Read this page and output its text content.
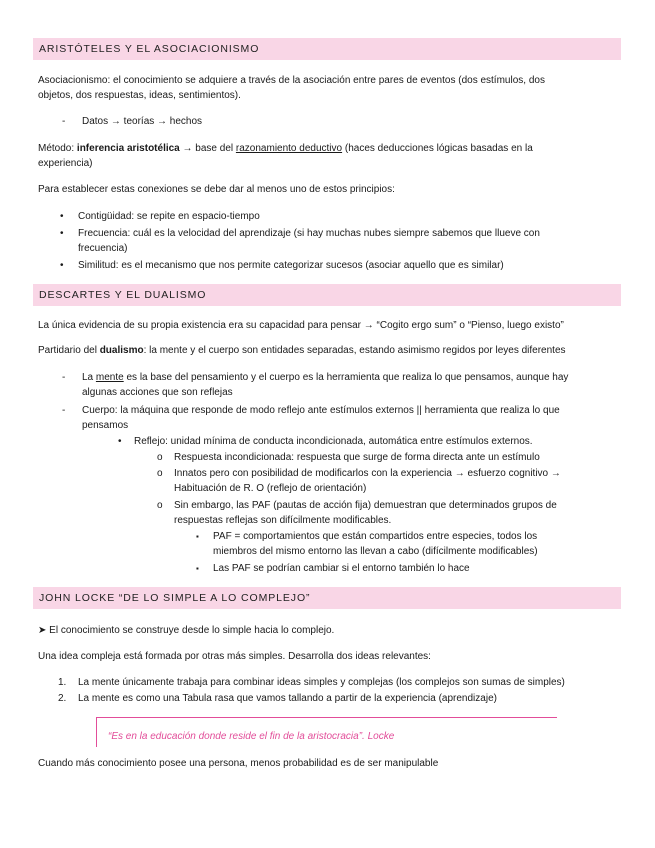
ARISTÓTELES Y EL ASOCIACIONISMO
Asociacionismo: el conocimiento se adquiere a través de la asociación entre pares de eventos (dos estímulos, dos
objetos, dos respuestas, ideas, sentimientos).
- Datos → teorías → hechos
Método: inferencia aristotélica → base del razonamiento deductivo (haces deducciones lógicas basadas en la
experiencia)
Para establecer estas conexiones se debe dar al menos uno de estos principios:
• Contigüidad: se repite en espacio-tiempo
• Frecuencia: cuál es la velocidad del aprendizaje (si hay muchas nubes siempre sabemos que llueve con
frecuencia)
• Similitud: es el mecanismo que nos permite categorizar sucesos (asociar aquello que es similar)
DESCARTES Y EL DUALISMO
La única evidencia de su propia existencia era su capacidad para pensar → “Cogito ergo sum” o “Pienso, luego existo”
Partidario del dualismo: la mente y el cuerpo son entidades separadas, estando asimismo regidos por leyes diferentes
- La mente es la base del pensamiento y el cuerpo es la herramienta que realiza lo que pensamos, aunque hay
algunas acciones que son reflejas
- Cuerpo: la máquina que responde de modo reflejo ante estímulos externos || herramienta que realiza lo que
pensamos
• Reflejo: unidad mínima de conducta incondicionada, automática entre estímulos externos.
o Respuesta incondicionada: respuesta que surge de forma directa ante un estímulo
o Innatos pero con posibilidad de modificarlos con la experiencia → esfuerzo cognitivo →
Habituación de R. O (reflejo de orientación)
o Sin embargo, las PAF (pautas de acción fija) demuestran que determinados grupos de
respuestas reflejas son difícilmente modificables.
▪ PAF = comportamientos que están compartidos entre especies, todos los
miembros del mismo entorno las llevan a cabo (difícilmente modificables)
▪ Las PAF se podrían cambiar si el entorno también lo hace
JOHN LOCKE “DE LO SIMPLE A LO COMPLEJO”
➤ El conocimiento se construye desde lo simple hacia lo complejo.
Una idea compleja está formada por otras más simples. Desarrolla dos ideas relevantes:
1. La mente únicamente trabaja para combinar ideas simples y complejas (los complejos son sumas de simples)
2. La mente es como una Tabula rasa que vamos tallando a partir de la experiencia (aprendizaje)
“Es en la educación donde reside el fin de la aristocracia”. Locke
Cuando más conocimiento posee una persona, menos probabilidad es de ser manipulable
